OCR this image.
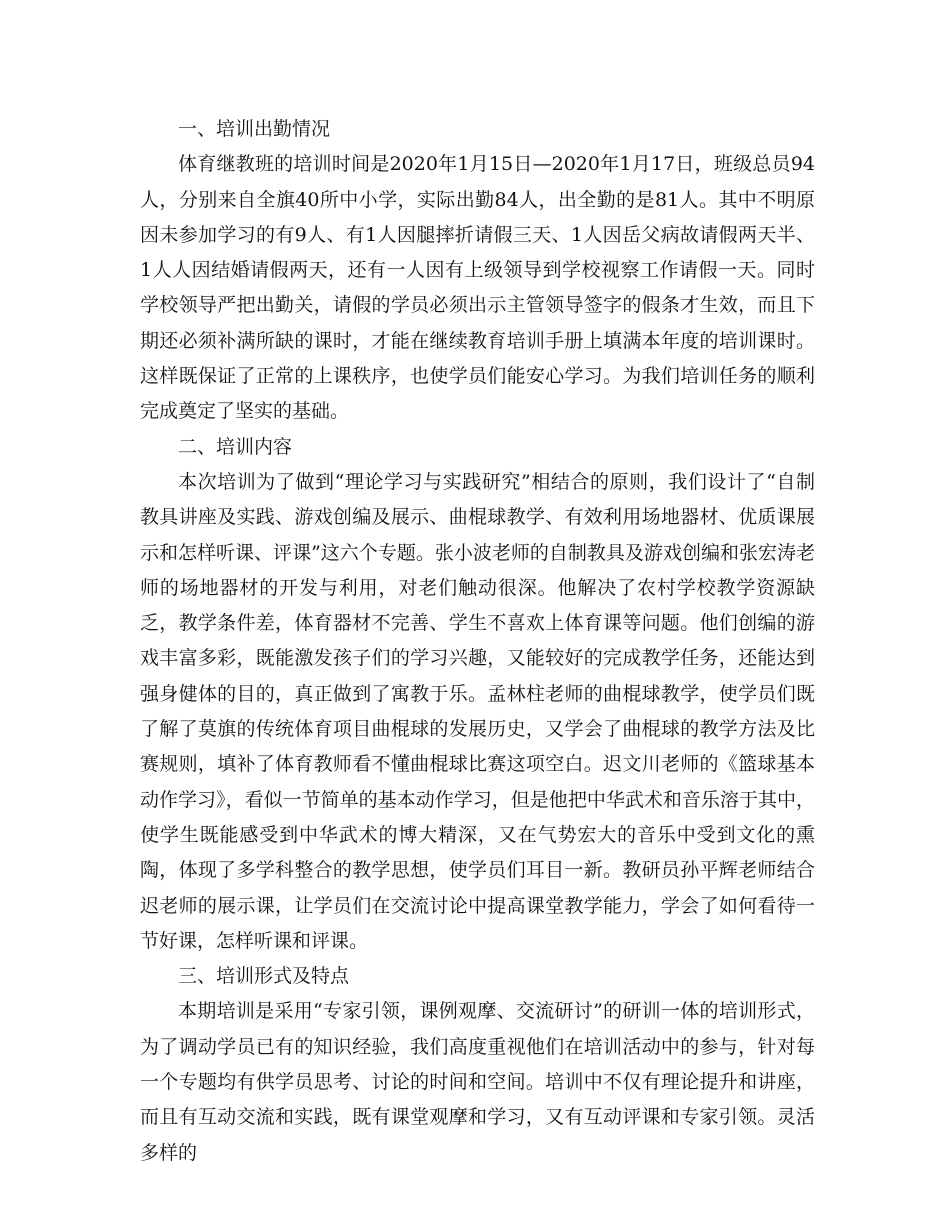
一、培训出勤情况

体育继教班的培训时间是2020年1月15日—2020年1月17日，班级总员94人，分别来自全旗40所中小学，实际出勤84人，出全勤的是81人。其中不明原因未参加学习的有9人、有1人因腿摔折请假三天、1人因岳父病故请假两天半、1人人因结婚请假两天，还有一人因有上级领导到学校视察工作请假一天。同时学校领导严把出勤关，请假的学员必须出示主管领导签字的假条才生效，而且下期还必须补满所缺的课时，才能在继续教育培训手册上填满本年度的培训课时。这样既保证了正常的上课秩序，也使学员们能安心学习。为我们培训任务的顺利完成奠定了坚实的基础。

二、培训内容

本次培训为了做到“理论学习与实践研究”相结合的原则，我们设计了“自制教具讲座及实践、游戏创编及展示、曲棍球教学、有效利用场地器材、优质课展示和怎样听课、评课”这六个专题。张小波老师的自制教具及游戏创编和张宏涛老师的场地器材的开发与利用，对老们触动很深。他解决了农村学校教学资源缺乏，教学条件差，体育器材不完善、学生不喜欢上体育课等问题。他们创编的游戏丰富多彩，既能激发孩子们的学习兴趣，又能较好的完成教学任务，还能达到强身健体的目的，真正做到了寓教于乐。孟林柱老师的曲棍球教学，使学员们既了解了莫旗的传统体育项目曲棍球的发展历史，又学会了曲棍球的教学方法及比赛规则，填补了体育教师看不懂曲棍球比赛这项空白。迟文川老师的《篮球基本动作学习》，看似一节简单的基本动作学习，但是他把中华武术和音乐溶于其中，使学生既能感受到中华武术的博大精深，又在气势宏大的音乐中受到文化的熏陶，体现了多学科整合的教学思想，使学员们耳目一新。教研员孙平辉老师结合迟老师的展示课，让学员们在交流讨论中提高课堂教学能力，学会了如何看待一节好课，怎样听课和评课。

三、培训形式及特点

本期培训是采用“专家引领，课例观摩、交流研讨”的研训一体的培训形式，为了调动学员已有的知识经验，我们高度重视他们在培训活动中的参与，针对每一个专题均有供学员思考、讨论的时间和空间。培训中不仅有理论提升和讲座，而且有互动交流和实践，既有课堂观摩和学习，又有互动评课和专家引领。灵活多样的
